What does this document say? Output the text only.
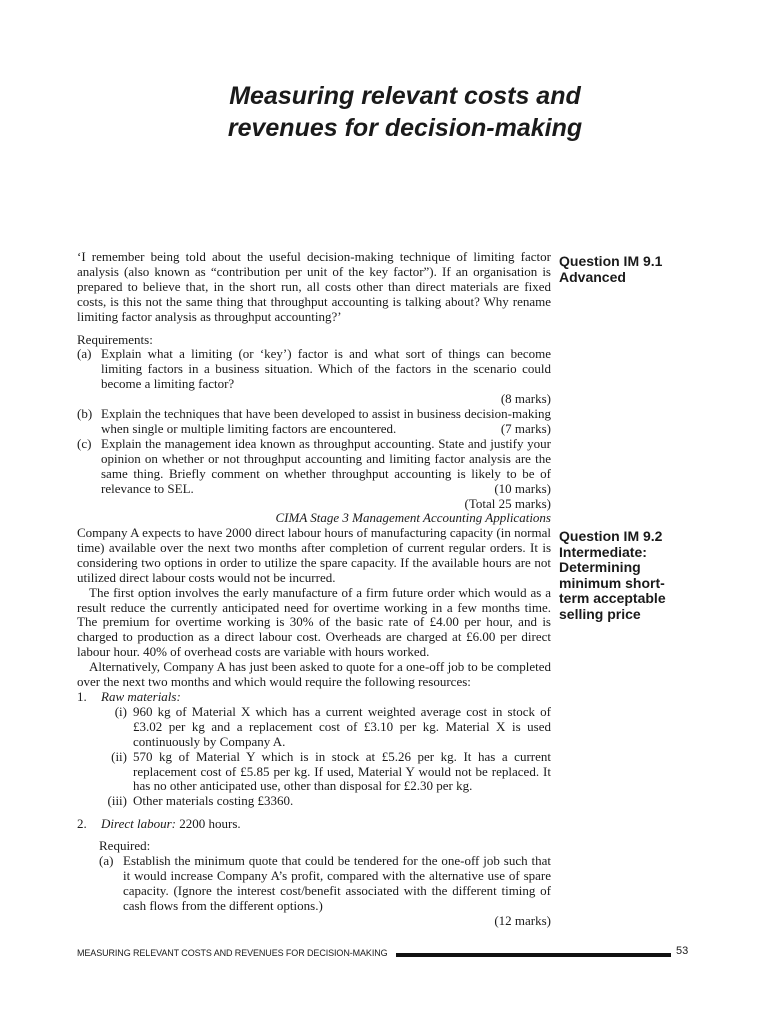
Measuring relevant costs and
revenues for decision-making
Question IM 9.1
Advanced

‘I remember being told about the useful decision-making technique of limiting factor analysis (also known as “contribution per unit of the key factor”). If an organisation is prepared to believe that, in the short run, all costs other than direct materials are fixed costs, is this not the same thing that throughput accounting is talking about? Why rename limiting factor analysis as throughput accounting?’

Requirements:

(a) Explain what a limiting (or ‘key’) factor is and what sort of things can become limiting factors in a business situation. Which of the factors in the scenario could become a limiting factor?
(8 marks)
(b) Explain the techniques that have been developed to assist in business decision-making when single or multiple limiting factors are encountered.	(7 marks)
(c) Explain the management idea known as throughput accounting. State and justify your opinion on whether or not throughput accounting and limiting factor analysis are the same thing. Briefly comment on whether throughput accounting is likely to be of relevance to SEL.	(10 marks)

(Total 25 marks)

CIMA Stage 3 Management Accounting Applications

Question IM 9.2
Intermediate:
Determining
minimum short-
term acceptable
selling price

Company A expects to have 2000 direct labour hours of manufacturing capacity (in normal time) available over the next two months after completion of current regular orders. It is considering two options in order to utilize the spare capacity. If the available hours are not utilized direct labour costs would not be incurred.

The first option involves the early manufacture of a firm future order which would as a result reduce the currently anticipated need for overtime working in a few months time. The premium for overtime working is 30% of the basic rate of £4.00 per hour, and is charged to production as a direct labour cost. Overheads are charged at £6.00 per direct labour hour. 40% of overhead costs are variable with hours worked.

Alternatively, Company A has just been asked to quote for a one-off job to be completed over the next two months and which would require the following resources:

1.	Raw materials:
(i) 960 kg of Material X which has a current weighted average cost in stock of £3.02 per kg and a replacement cost of £3.10 per kg. Material X is used continuously by Company A.
(ii) 570 kg of Material Y which is in stock at £5.26 per kg. It has a current replacement cost of £5.85 per kg. If used, Material Y would not be replaced. It has no other anticipated use, other than disposal for £2.30 per kg.
(iii) Other materials costing £3360.
2.	Direct labour: 2200 hours.

Required:

(a) Establish the minimum quote that could be tendered for the one-off job such that it would increase Company A’s profit, compared with the alternative use of spare capacity. (Ignore the interest cost/benefit associated with the different timing of cash flows from the different options.)
(12 marks)
MEASURING RELEVANT COSTS AND REVENUES FOR DECISION-MAKING	53
